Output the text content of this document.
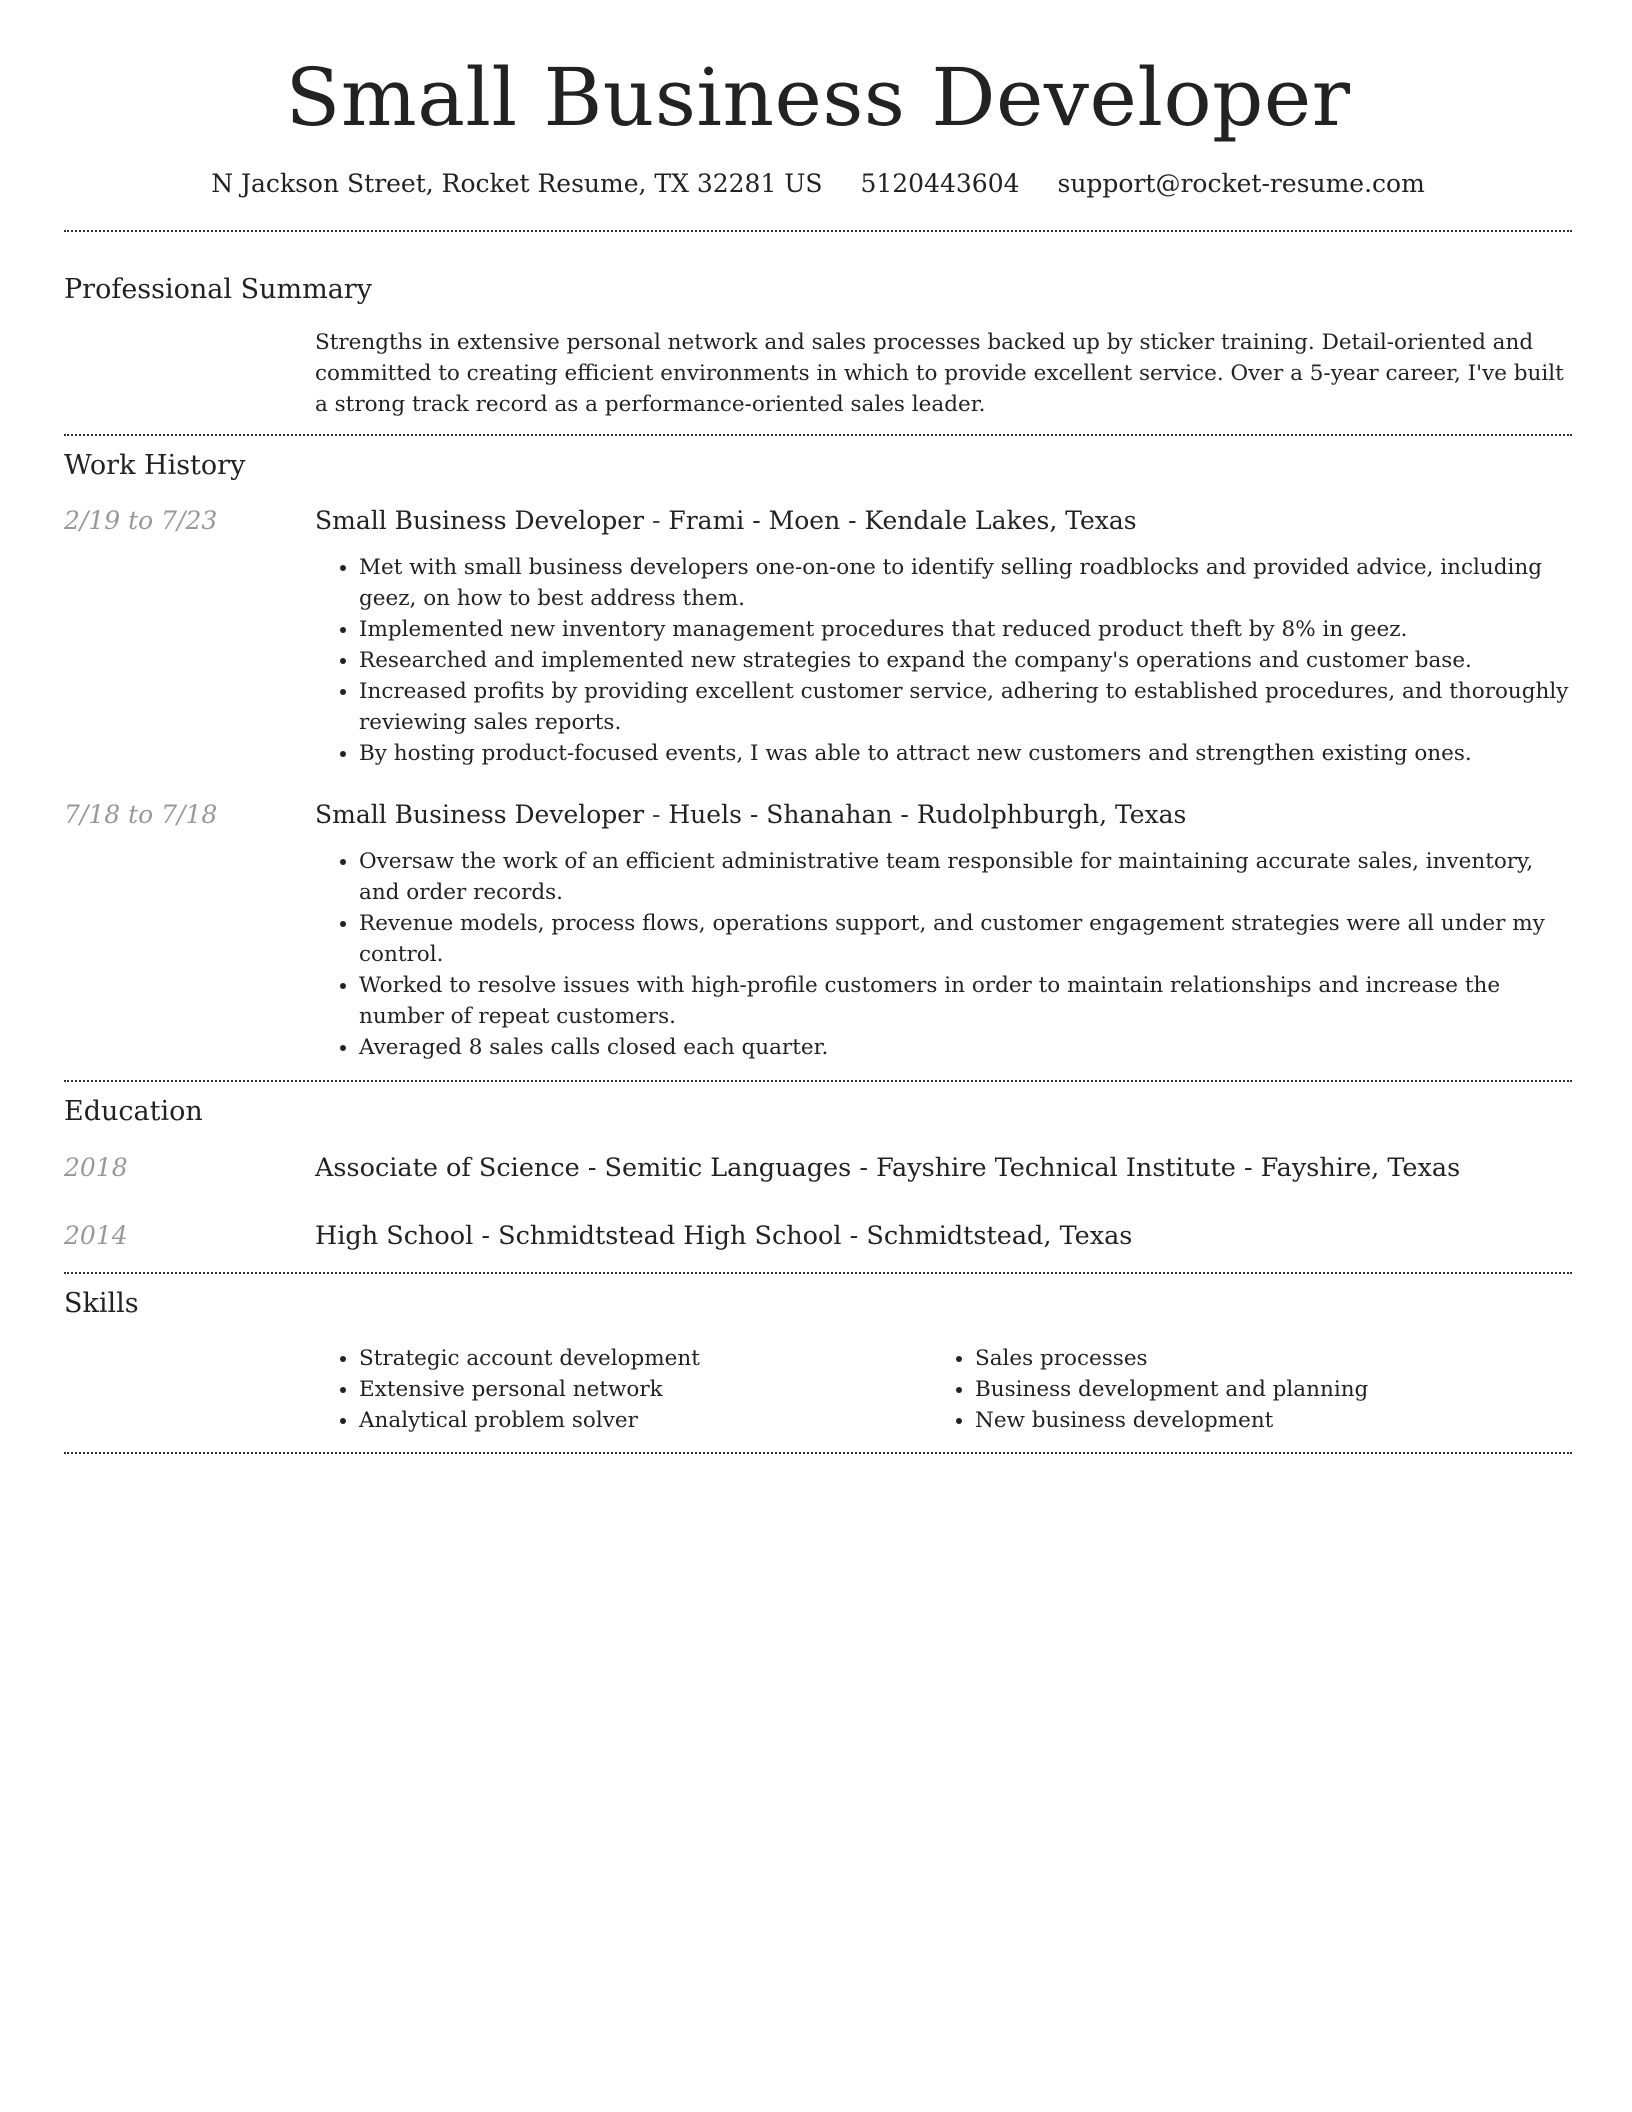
Small Business Developer
N Jackson Street, Rocket Resume, TX 32281 US 5120443604 support@rocket-resume.com
Professional Summary
Strengths in extensive personal network and sales processes backed up by sticker training. Detail-oriented and committed to creating efficient environments in which to provide excellent service. Over a 5-year career, I've built a strong track record as a performance-oriented sales leader.
Work History
2/19 to 7/23	Small Business Developer - Frami - Moen - Kendale Lakes, Texas
• Met with small business developers one-on-one to identify selling roadblocks and provided advice, including geez, on how to best address them.
• Implemented new inventory management procedures that reduced product theft by 8% in geez.
• Researched and implemented new strategies to expand the company's operations and customer base.
• Increased profits by providing excellent customer service, adhering to established procedures, and thoroughly reviewing sales reports.
• By hosting product-focused events, I was able to attract new customers and strengthen existing ones.
7/18 to 7/18	Small Business Developer - Huels - Shanahan - Rudolphburgh, Texas
• Oversaw the work of an efficient administrative team responsible for maintaining accurate sales, inventory, and order records.
• Revenue models, process flows, operations support, and customer engagement strategies were all under my control.
• Worked to resolve issues with high-profile customers in order to maintain relationships and increase the number of repeat customers.
• Averaged 8 sales calls closed each quarter.
Education
2018	Associate of Science - Semitic Languages - Fayshire Technical Institute - Fayshire, Texas
2014	High School - Schmidtstead High School - Schmidtstead, Texas
Skills
• Strategic account development
• Extensive personal network
• Analytical problem solver
• Sales processes
• Business development and planning
• New business development
